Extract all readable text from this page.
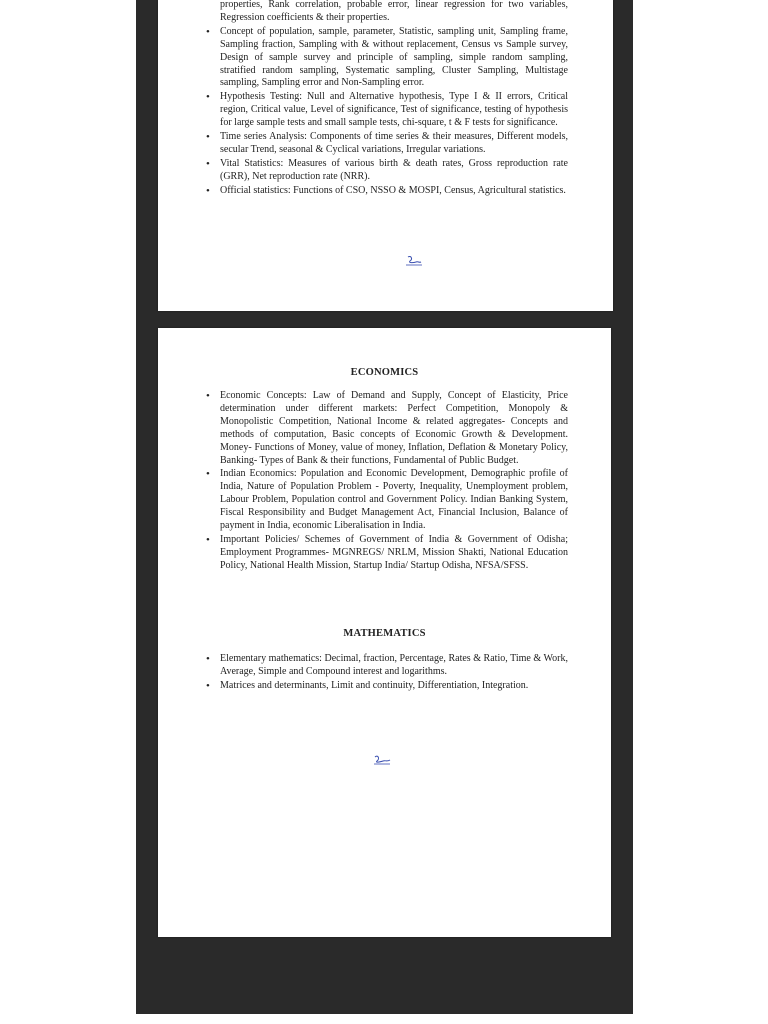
properties, Rank correlation, probable error, linear regression for two variables, Regression coefficients & their properties.
• Concept of population, sample, parameter, Statistic, sampling unit, Sampling frame, Sampling fraction, Sampling with & without replacement, Census vs Sample survey, Design of sample survey and principle of sampling, simple random sampling, stratified random sampling, Systematic sampling, Cluster Sampling, Multistage sampling, Sampling error and Non-Sampling error.
• Hypothesis Testing: Null and Alternative hypothesis, Type I & II errors, Critical region, Critical value, Level of significance, Test of significance, testing of hypothesis for large sample tests and small sample tests, chi-square, t & F tests for significance.
• Time series Analysis: Components of time series & their measures, Different models, secular Trend, seasonal & Cyclical variations, Irregular variations.
• Vital Statistics: Measures of various birth & death rates, Gross reproduction rate (GRR), Net reproduction rate (NRR).
• Official statistics: Functions of CSO, NSSO & MOSPI, Census, Agricultural statistics.
ECONOMICS
• Economic Concepts: Law of Demand and Supply, Concept of Elasticity, Price determination under different markets: Perfect Competition, Monopoly & Monopolistic Competition, National Income & related aggregates- Concepts and methods of computation, Basic concepts of Economic Growth & Development. Money- Functions of Money, value of money, Inflation, Deflation & Monetary Policy, Banking- Types of Bank & their functions, Fundamental of Public Budget.
• Indian Economics: Population and Economic Development, Demographic profile of India, Nature of Population Problem - Poverty, Inequality, Unemployment problem, Labour Problem, Population control and Government Policy. Indian Banking System, Fiscal Responsibility and Budget Management Act, Financial Inclusion, Balance of payment in India, economic Liberalisation in India.
• Important Policies/ Schemes of Government of India & Government of Odisha; Employment Programmes- MGNREGS/ NRLM, Mission Shakti, National Education Policy, National Health Mission, Startup India/ Startup Odisha, NFSA/SFSS.
MATHEMATICS
• Elementary mathematics: Decimal, fraction, Percentage, Rates & Ratio, Time & Work, Average, Simple and Compound interest and logarithms.
• Matrices and determinants, Limit and continuity, Differentiation, Integration.
